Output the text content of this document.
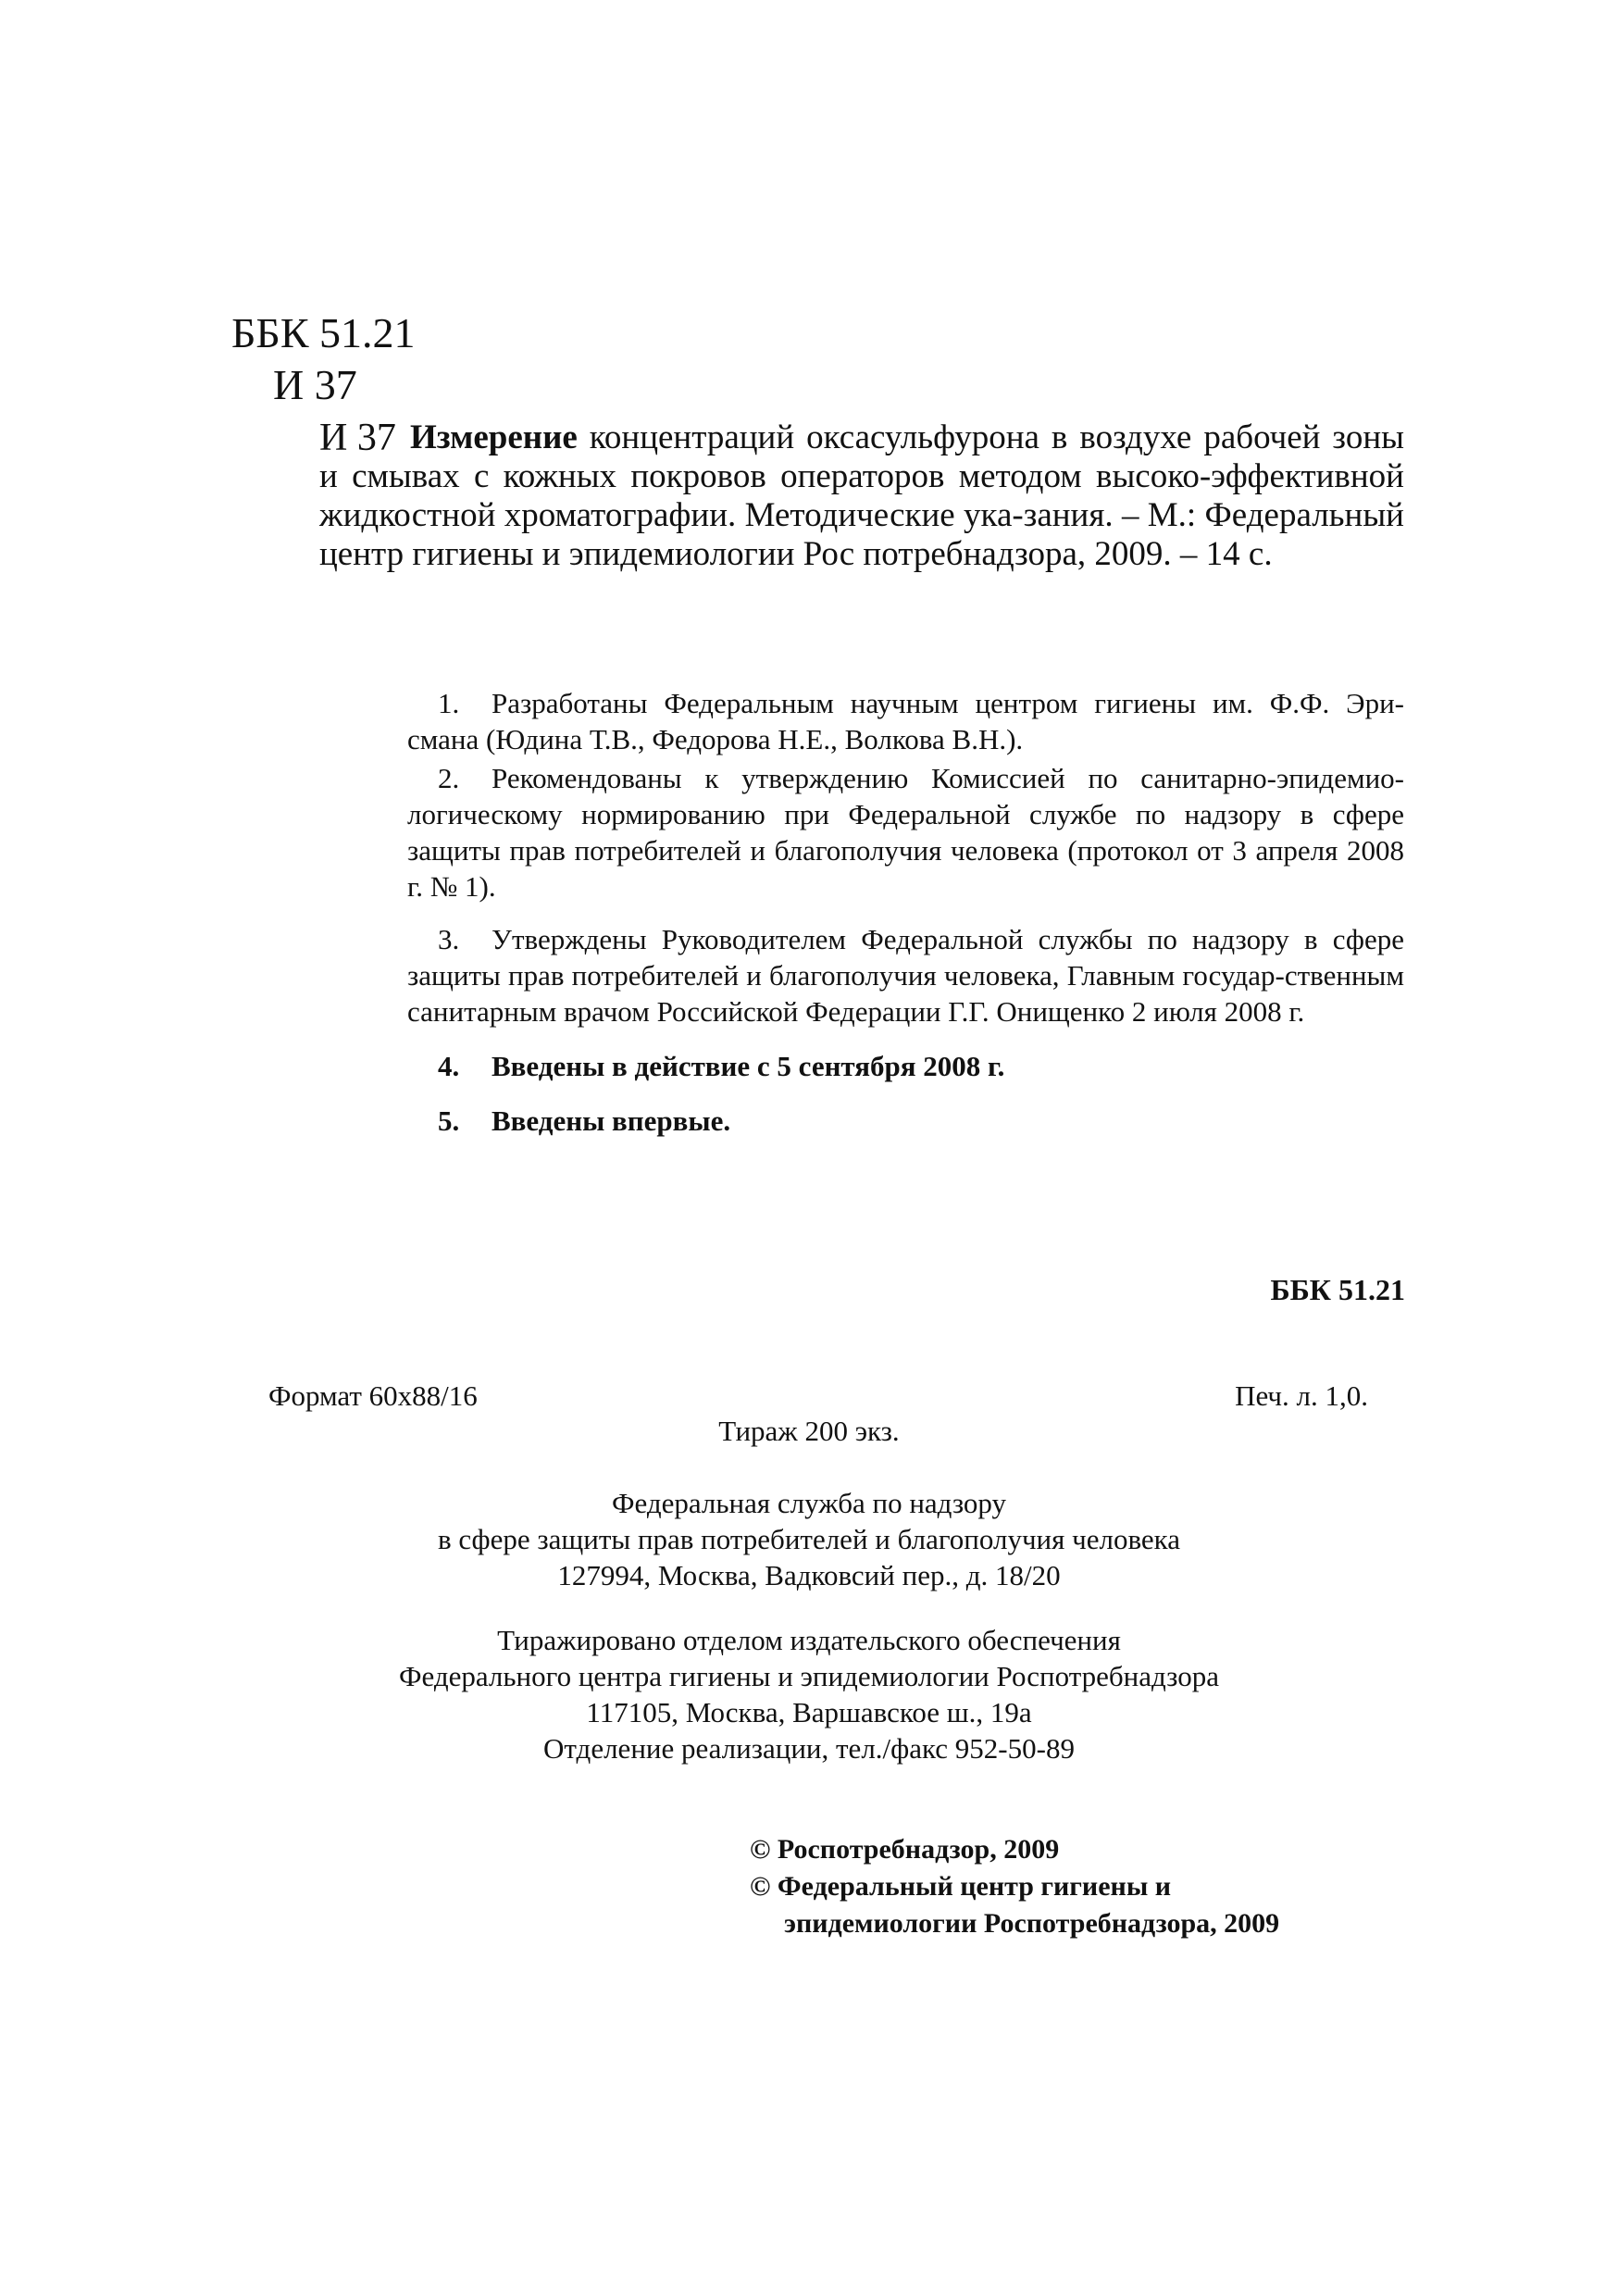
ББК 51.21
И 37
И 37 Измерение концентраций оксасульфурона в воздухе рабочей зоны и смывах с кожных покровов операторов методом высоко-эффективной жидкостной хроматографии. Методические ука-зания. – М.: Федеральный центр гигиены и эпидемиологии Рос потребнадзора, 2009. – 14 с.

1. Разработаны Федеральным научным центром гигиены им. Ф.Ф. Эри-смана (Юдина Т.В., Федорова Н.Е., Волкова В.Н.).

2. Рекомендованы к утверждению Комиссией по санитарно-эпидемио-логическому нормированию при Федеральной службе по надзору в сфере защиты прав потребителей и благополучия человека (протокол от 3 апреля 2008 г. № 1).

3. Утверждены Руководителем Федеральной службы по надзору в сфере защиты прав потребителей и благополучия человека, Главным государ-ственным санитарным врачом Российской Федерации Г.Г. Онищенко 2 июля 2008 г.

4. Введены в действие с 5 сентября 2008 г.

5. Введены впервые.

ББК 51.21
Формат 60x88/16	Печ. л. 1,0.
Тираж 200 экз.
Федеральная служба по надзору
в сфере защиты прав потребителей и благополучия человека
127994, Москва, Вадковсий пер., д. 18/20
Тиражировано отделом издательского обеспечения
Федерального центра гигиены и эпидемиологии Роспотребнадзора
117105, Москва, Варшавское ш., 19а
Отделение реализации, тел./факс 952-50-89

© Роспотребнадзор, 2009

© Федеральный центр гигиены и

эпидемиологии Роспотребнадзора, 2009
